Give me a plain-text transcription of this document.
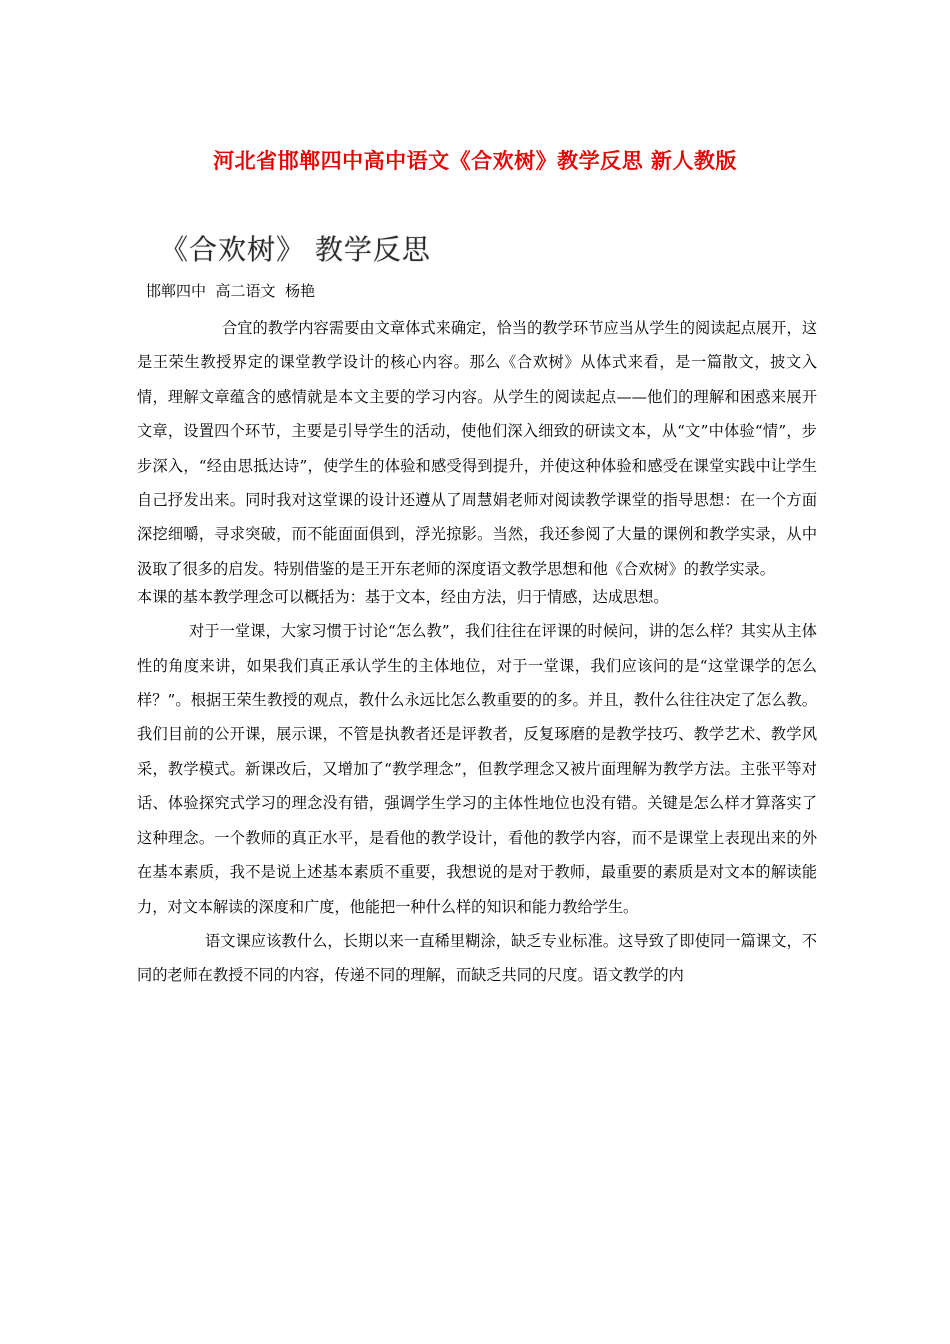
河北省邯郸四中高中语文《合欢树》教学反思 新人教版
《合欢树》 教学反思
邯郸四中  高二语文  杨艳

合宜的教学内容需要由文章体式来确定，恰当的教学环节应当从学生的阅读起点展开，这是王荣生教授界定的课堂教学设计的核心内容。那么《合欢树》从体式来看，是一篇散文，披文入情，理解文章蕴含的感情就是本文主要的学习内容。从学生的阅读起点——他们的理解和困惑来展开文章，设置四个环节，主要是引导学生的活动，使他们深入细致的研读文本，从“文”中体验“情”，步步深入，“经由思抵达诗”，使学生的体验和感受得到提升，并使这种体验和感受在课堂实践中让学生自己抒发出来。同时我对这堂课的设计还遵从了周慧娟老师对阅读教学课堂的指导思想：在一个方面深挖细嚼，寻求突破，而不能面面俱到，浮光掠影。当然，我还参阅了大量的课例和教学实录，从中汲取了很多的启发。特别借鉴的是王开东老师的深度语文教学思想和他《合欢树》的教学实录。

本课的基本教学理念可以概括为：基于文本，经由方法，归于情感，达成思想。

对于一堂课，大家习惯于讨论“怎么教”，我们往往在评课的时候问，讲的怎么样？其实从主体性的角度来讲，如果我们真正承认学生的主体地位，对于一堂课，我们应该问的是“这堂课学的怎么样？”。根据王荣生教授的观点，教什么永远比怎么教重要的的多。并且，教什么往往决定了怎么教。我们目前的公开课，展示课，不管是执教者还是评教者，反复琢磨的是教学技巧、教学艺术、教学风采，教学模式。新课改后，又增加了“教学理念”，但教学理念又被片面理解为教学方法。主张平等对话、体验探究式学习的理念没有错，强调学生学习的主体性地位也没有错。关键是怎么样才算落实了这种理念。一个教师的真正水平，是看他的教学设计，看他的教学内容，而不是课堂上表现出来的外在基本素质，我不是说上述基本素质不重要，我想说的是对于教师，最重要的素质是对文本的解读能力，对文本解读的深度和广度，他能把一种什么样的知识和能力教给学生。

语文课应该教什么，长期以来一直稀里糊涂，缺乏专业标准。这导致了即使同一篇课文，不同的老师在教授不同的内容，传递不同的理解，而缺乏共同的尺度。语文教学的内
